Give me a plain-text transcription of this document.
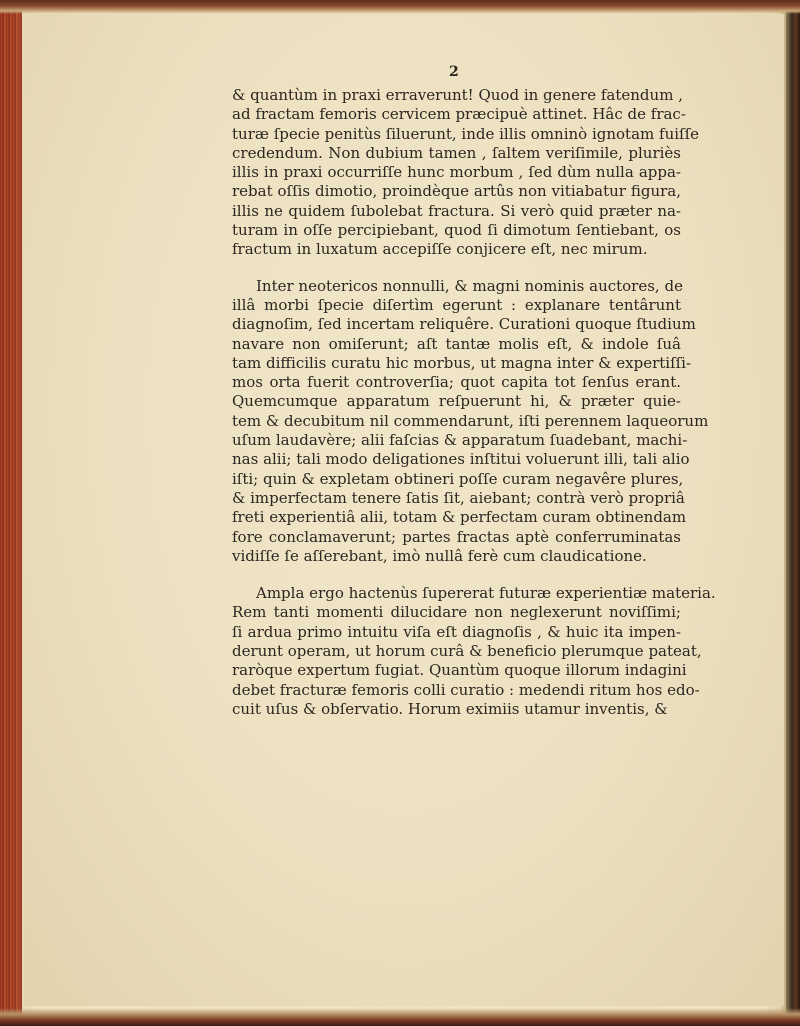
2
& quantùm in praxi erraverunt! Quod in genere fatendum ,
ad fractam femoris cervicem præcipuè attinet. Hâc de frac-
turæ ſpecie penitùs ſiluerunt, inde illis omninò ignotam fuiſſe
credendum. Non dubium tamen , ſaltem veriſimile, pluriès
illis in praxi occurriſſe hunc morbum , ſed dùm nulla appa-
rebat oſſis dimotio, proindèque artûs non vitiabatur figura,
illis ne quidem ſubolebat fractura. Si verò quid præter na-
turam in oſſe percipiebant, quod ſi dimotum ſentiebant, os
fractum in luxatum accepiſſe conjicere eſt, nec mirum.
Inter neotericos nonnulli, & magni nominis auctores, de
illâ morbi ſpecie diſertìm egerunt : explanare tentârunt
diagnoſim, ſed incertam reliquêre. Curationi quoque ſtudium
navare non omiſerunt; aſt tantæ molis eſt, & indole ſuâ
tam difficilis curatu hic morbus, ut magna inter & expertiſſi-
mos orta fuerit controverſia; quot capita tot ſenſus erant.
Quemcumque apparatum reſpuerunt hi, & præter quie-
tem & decubitum nil commendarunt, iſti perennem laqueorum
uſum laudavère; alii faſcias & apparatum ſuadebant, machi-
nas alii; tali modo deligationes inſtitui voluerunt illi, tali alio
iſti; quin & expletam obtineri poſſe curam negavêre plures,
& imperfectam tenere ſatis ſit, aiebant; contrà verò propriâ
freti experientiâ alii, totam & perfectam curam obtinendam
fore conclamaverunt; partes fractas aptè conferruminatas
vidiſſe ſe aſſerebant, imò nullâ ferè cum claudicatione.
Ampla ergo hactenùs ſupererat futuræ experientiæ materia.
Rem tanti momenti dilucidare non neglexerunt noviſſimi;
ſi ardua primo intuitu viſa eſt diagnoſis , & huic ita impen-
derunt operam, ut horum curâ & beneficio plerumque pateat,
raròque expertum fugiat. Quantùm quoque illorum indagini
debet fracturæ femoris colli curatio : medendi ritum hos edo-
cuit uſus & obſervatio. Horum eximiis utamur inventis, &
